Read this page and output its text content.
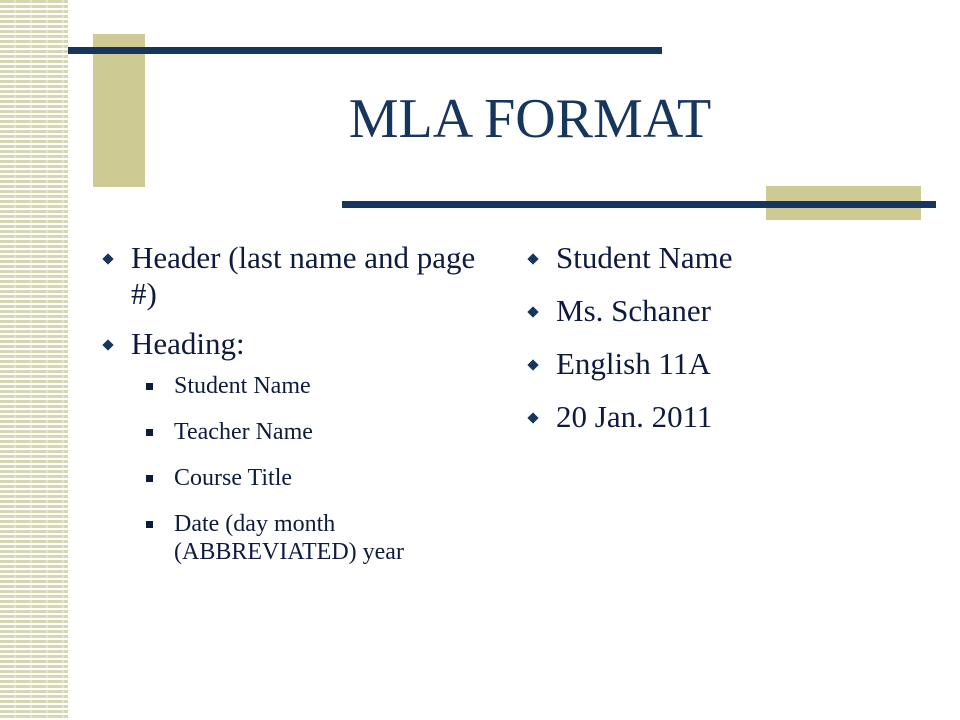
MLA FORMAT
Header (last name and page #)
Heading:
Student Name
Teacher Name
Course Title
Date (day month (ABBREVIATED) year
Student Name
Ms. Schaner
English 11A
20 Jan. 2011
